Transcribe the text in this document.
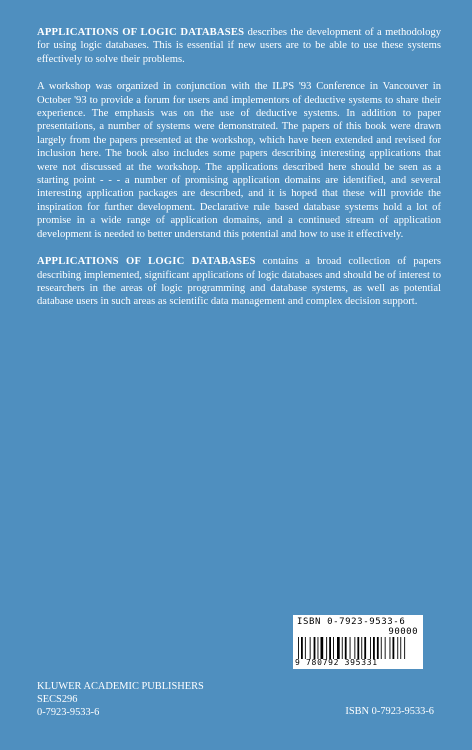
APPLICATIONS OF LOGIC DATABASES describes the development of a methodology for using logic databases. This is essential if new users are to be able to use these systems effectively to solve their problems.

A workshop was organized in conjunction with the ILPS '93 Conference in Vancouver in October '93 to provide a forum for users and implementors of deductive systems to share their experience. The emphasis was on the use of deductive systems. In addition to paper presentations, a number of systems were demonstrated. The papers of this book were drawn largely from the papers presented at the workshop, which have been extended and revised for inclusion here. The book also includes some papers describing interesting applications that were not discussed at the workshop. The applications described here should be seen as a starting point - - - a number of promising application domains are identified, and several interesting application packages are described, and it is hoped that these will provide the inspiration for further development. Declarative rule based database systems hold a lot of promise in a wide range of application domains, and a continued stream of application development is needed to better understand this potential and how to use it effectively.

APPLICATIONS OF LOGIC DATABASES contains a broad collection of papers describing implemented, significant applications of logic databases and should be of interest to researchers in the areas of logic programming and database systems, as well as potential database users in such areas as scientific data management and complex decision support.

ISBN 0-7923-9533-6
90000
9 780792 395331
KLUWER ACADEMIC PUBLISHERS
SECS296
0-7923-9533-6	ISBN 0-7923-9533-6
